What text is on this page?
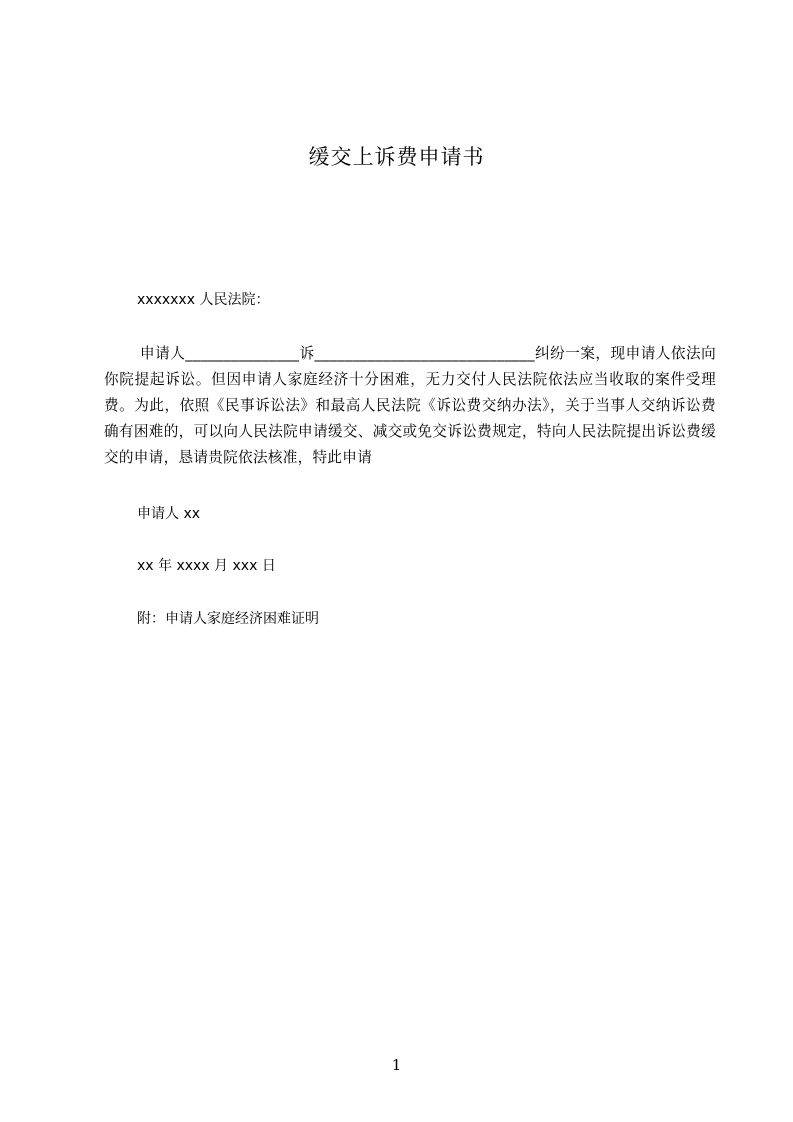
缓交上诉费申请书
xxxxxxx 人民法院：
申请人_______________诉_____________________________纠纷一案，现申请人依法向你院提起诉讼。但因申请人家庭经济十分困难，无力交付人民法院依法应当收取的案件受理费。为此，依照《民事诉讼法》和最高人民法院《诉讼费交纳办法》，关于当事人交纳诉讼费确有困难的，可以向人民法院申请缓交、减交或免交诉讼费规定，特向人民法院提出诉讼费缓交的申请，恳请贵院依法核准，特此申请
申请人 xx
xx 年 xxxx 月 xxx 日
附：申请人家庭经济困难证明
1
